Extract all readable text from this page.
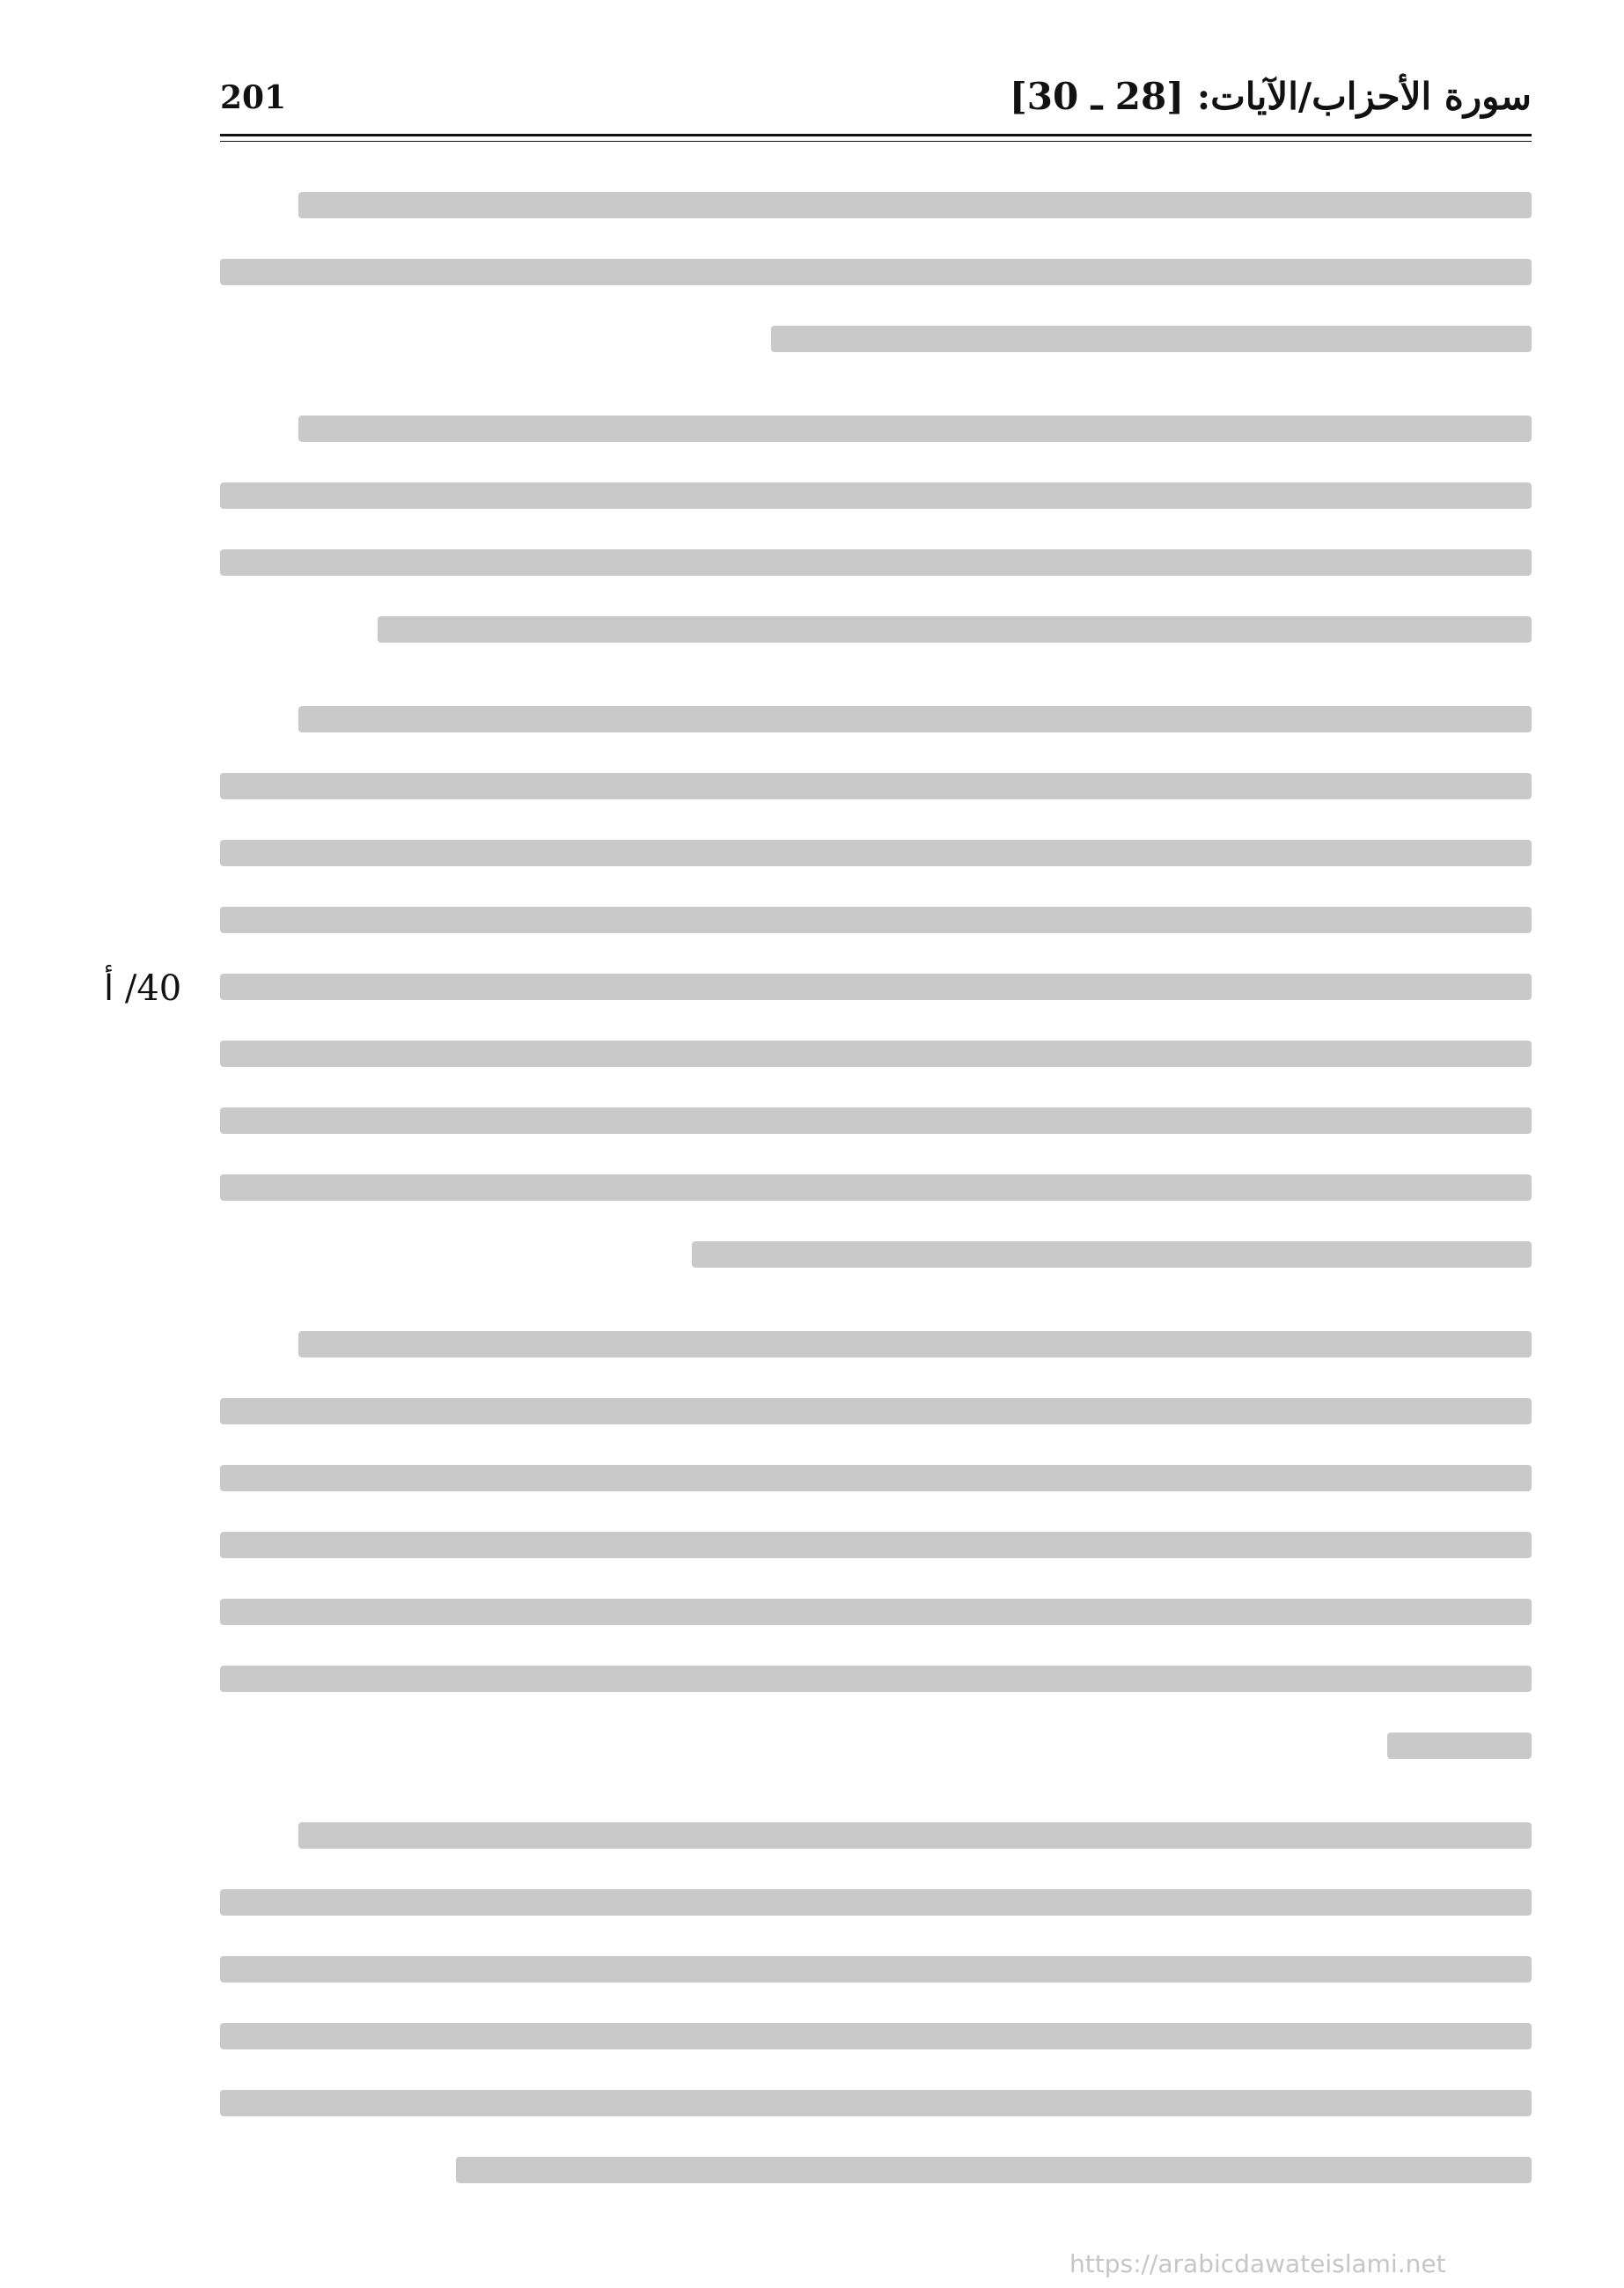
201	سورة الأحزاب/الآيات: [28 ـ 30]
40/ أ
https://arabicdawateislami.net
